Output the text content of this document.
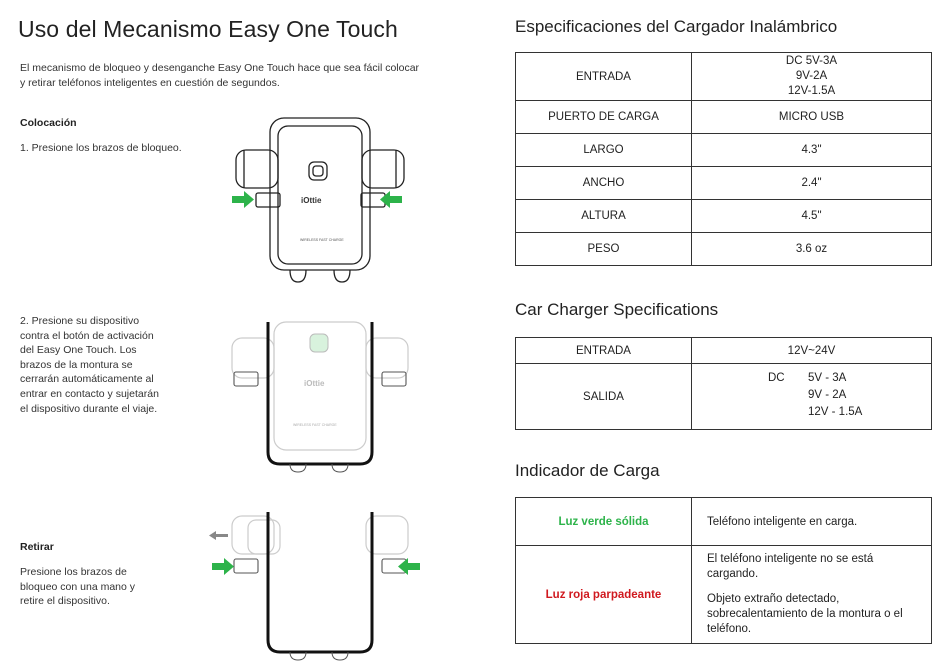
Uso del Mecanismo Easy One Touch
El mecanismo de bloqueo y desenganche Easy One Touch hace que sea fácil colocar y retirar teléfonos inteligentes en cuestión de segundos.
Colocación
1. Presione los brazos de bloqueo.
2. Presione su dispositivo
contra el botón de activación
del Easy One Touch. Los
brazos de la montura se
cerrarán automáticamente al
entrar en contacto y sujetarán
el dispositivo durante el viaje.
Retirar
Presione los brazos de
bloqueo con una mano y
retire el dispositivo.
iOttie
WIRELESS FAST CHARGE
iOttie
WIRELESS FAST CHARGE
Especificaciones del Cargador Inalámbrico
ENTRADA	DC 5V-3A
9V-2A
12V-1.5A

PUERTO DE CARGA	MICRO USB
LARGO	4.3"
ANCHO	2.4"
ALTURA	4.5"
PESO	3.6 oz
Car Charger Specifications
ENTRADA	12V~24V
SALIDA	DC 5V - 3A
9V - 2A
12V - 1.5A
Indicador de Carga
Luz verde sólida	Teléfono inteligente en carga.
Luz roja parpadeante	El teléfono inteligente no se está cargando.
Objeto extraño detectado, sobrecalentamiento de la montura o el teléfono.
